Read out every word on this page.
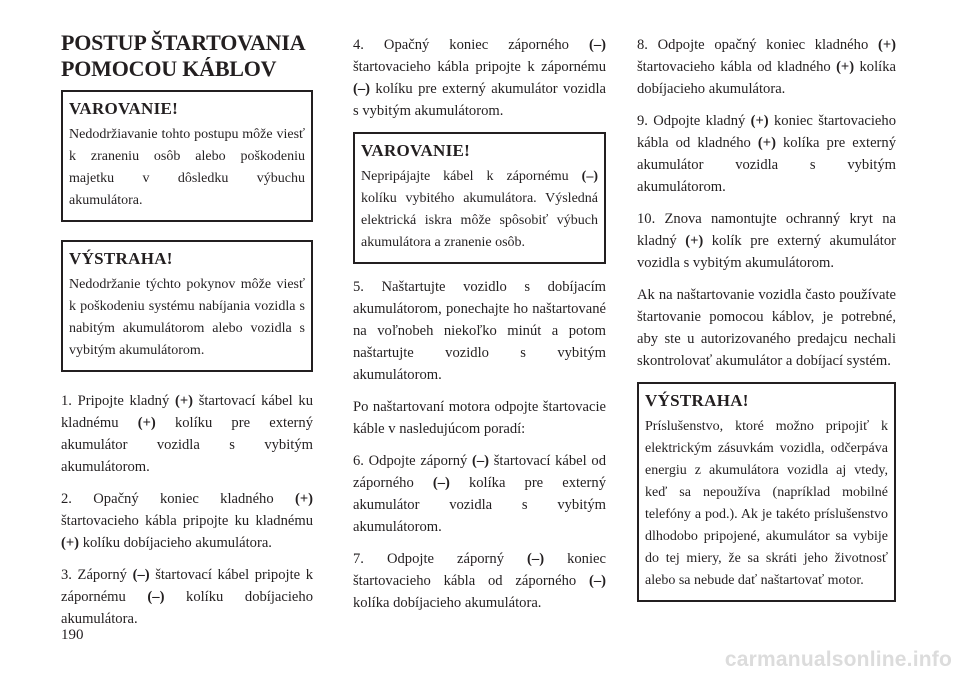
POSTUP ŠTARTOVANIA
POMOCOU KÁBLOV
VAROVANIE!
Nedodržiavanie tohto postupu môže viesť k zraneniu osôb alebo poškodeniu majetku v dôsledku výbuchu akumulátora.
VÝSTRAHA!
Nedodržanie týchto pokynov môže viesť k poškodeniu systému nabíjania vozidla s nabitým akumulátorom alebo vozidla s vybitým akumulátorom.

1. Pripojte kladný (+) štartovací kábel ku kladnému (+) kolíku pre externý akumulátor vozidla s vybitým akumulátorom.

2. Opačný koniec kladného (+) štartovacieho kábla pripojte ku kladnému (+) kolíku dobíjacieho akumulátora.

3. Záporný (–) štartovací kábel pripojte k zápornému (–) kolíku dobíjacieho akumulátora.

4. Opačný koniec záporného (–) štartovacieho kábla pripojte k zápornému (–) kolíku pre externý akumulátor vozidla s vybitým akumulátorom.

VAROVANIE!
Nepripájajte kábel k zápornému (–) kolíku vybitého akumulátora. Výsledná elektrická iskra môže spôsobiť výbuch akumulátora a zranenie osôb.

5. Naštartujte vozidlo s dobíjacím akumulátorom, ponechajte ho naštartované na voľnobeh niekoľko minút a potom naštartujte vozidlo s vybitým akumulátorom.

Po naštartovaní motora odpojte štartovacie káble v nasledujúcom poradí:

6. Odpojte záporný (–) štartovací kábel od záporného (–) kolíka pre externý akumulátor vozidla s vybitým akumulátorom.

7. Odpojte záporný (–) koniec štartovacieho kábla od záporného (–) kolíka dobíjacieho akumulátora.

8. Odpojte opačný koniec kladného (+) štartovacieho kábla od kladného (+) kolíka dobíjacieho akumulátora.

9. Odpojte kladný (+) koniec štartovacieho kábla od kladného (+) kolíka pre externý akumulátor vozidla s vybitým akumulátorom.

10. Znova namontujte ochranný kryt na kladný (+) kolík pre externý akumulátor vozidla s vybitým akumulátorom.

Ak na naštartovanie vozidla často používate štartovanie pomocou káblov, je potrebné, aby ste u autorizovaného predajcu nechali skontrolovať akumulátor a dobíjací systém.

VÝSTRAHA!
Príslušenstvo, ktoré možno pripojiť k elektrickým zásuvkám vozidla, odčerpáva energiu z akumulátora vozidla aj vtedy, keď sa nepoužíva (napríklad mobilné telefóny a pod.). Ak je takéto príslušenstvo dlhodobo pripojené, akumulátor sa vybije do tej miery, že sa skráti jeho životnosť alebo sa nebude dať naštartovať motor.
190
carmanualsonline.info
